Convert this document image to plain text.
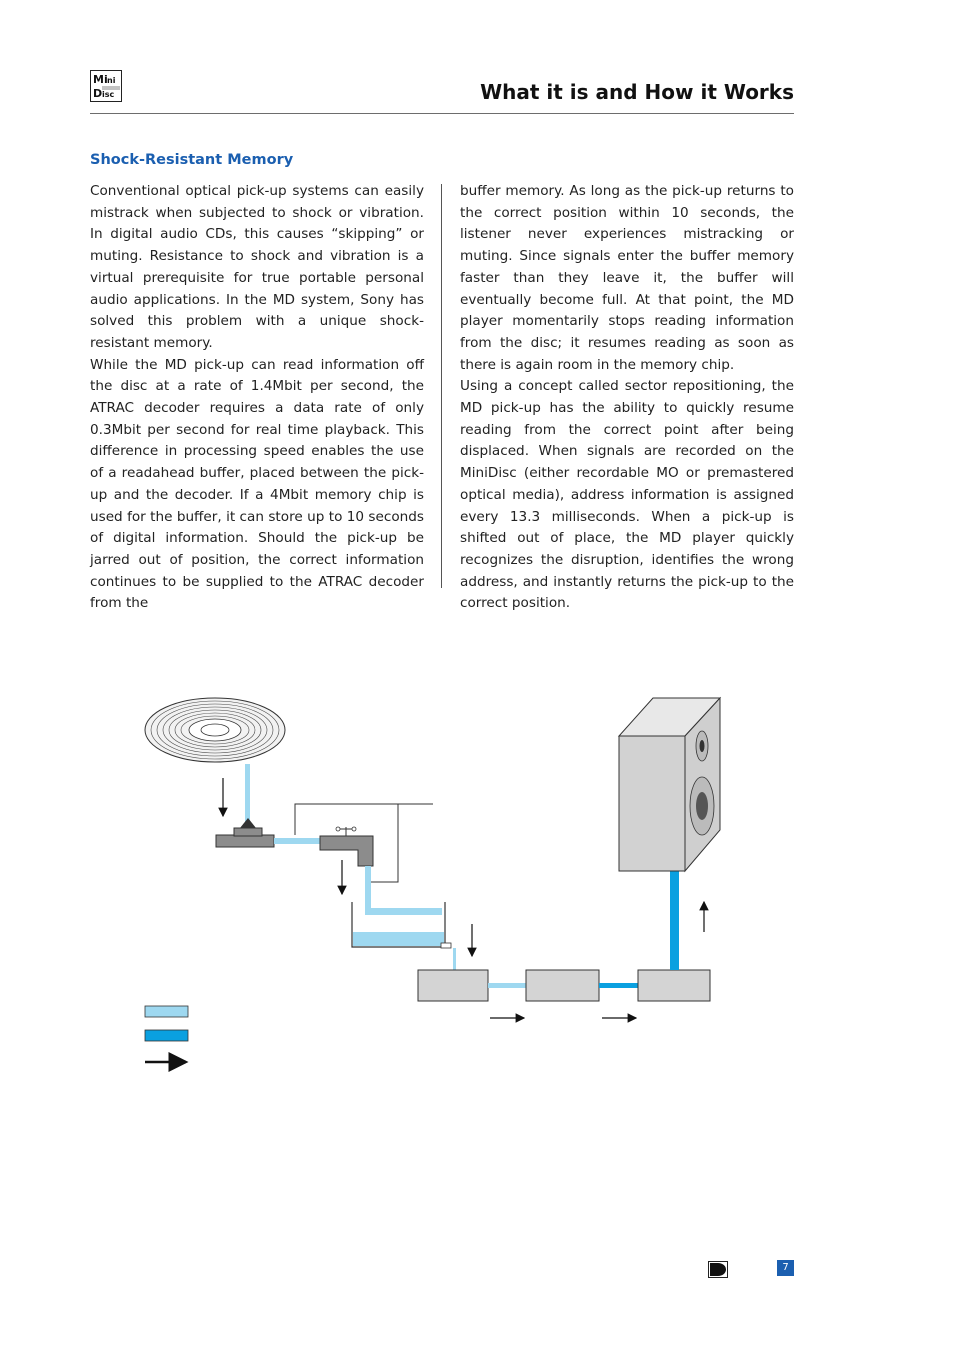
Mi ni
D isc	What it is and How it Works
Shock-Resistant Memory

Conventional optical pick-up systems can easily mistrack when subjected to shock or vibration. In digital audio CDs, this causes “skipping” or muting. Resistance to shock and vibration is a virtual prerequisite for true portable personal audio applications. In the MD system, Sony has solved this problem with a unique shock-resistant memory.

While the MD pick-up can read information off the disc at a rate of 1.4Mbit per second, the ATRAC decoder requires a data rate of only 0.3Mbit per second for real time playback. This difference in processing speed enables the use of a readahead buffer, placed between the pick-up and the decoder. If a 4Mbit memory chip is used for the buffer, it can store up to 10 seconds of digital information. Should the pick-up be jarred out of position, the correct information continues to be supplied to the ATRAC decoder from the

buffer memory. As long as the pick-up returns to the correct position within 10 seconds, the listener never experiences mistracking or muting. Since signals enter the buffer memory faster than they leave it, the buffer will eventually become full. At that point, the MD player momentarily stops reading information from the disc; it resumes reading as soon as there is again room in the memory chip.

Using a concept called sector repositioning, the MD pick-up has the ability to quickly resume reading from the correct point after being displaced. When signals are recorded on the MiniDisc (either recordable MO or premastered optical media), address information is assigned every 13.3 milliseconds. When a pick-up is shifted out of place, the MD player quickly recognizes the disruption, identifies the wrong address, and instantly returns the pick-up to the correct position.

7
